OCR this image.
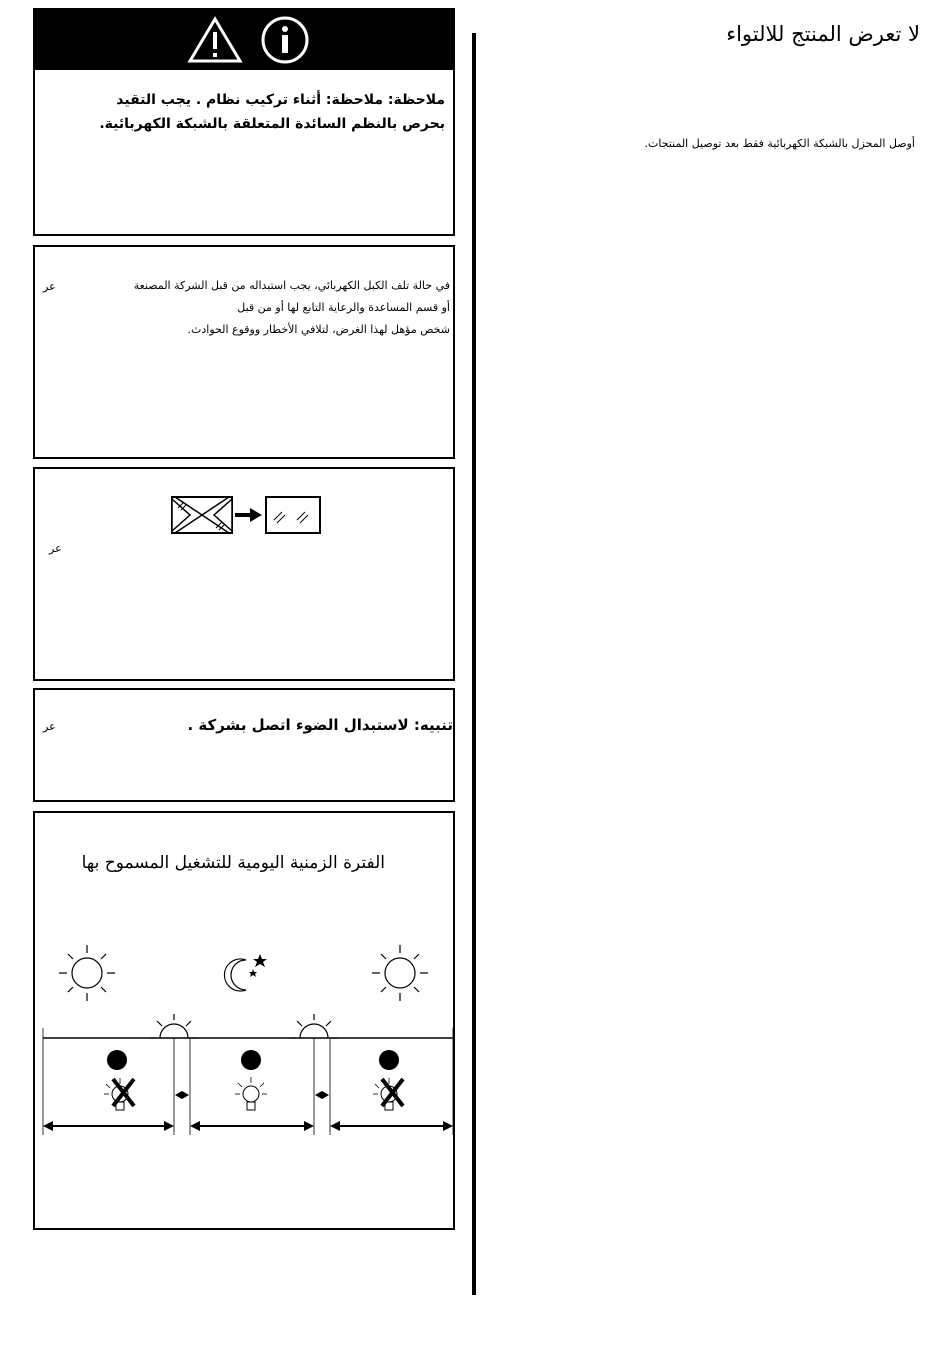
ملاحظة: ملاحظة: أثناء تركيب نظام . يجب التقيد
بحرص بالنظم السائدة المتعلقة بالشبكة الكهربائية.
عر	في حالة تلف الكبل الكهربائي، يجب استبداله من قبل الشركة المصنعة
أو قسم المساعدة والرعاية التابع لها أو من قبل
شخص مؤهل لهذا الغرض، لتلافي الأخطار ووقوع الحوادث.
عر
تنبيه: لاستبدال الضوء اتصل بشركة .
عر
الفترة الزمنية اليومية للتشغيل المسموح بها
لا تعرض المنتج للالتواء
أوصل المحزل بالشبكة الكهربائية فقط بعد توصيل المنتجات.
